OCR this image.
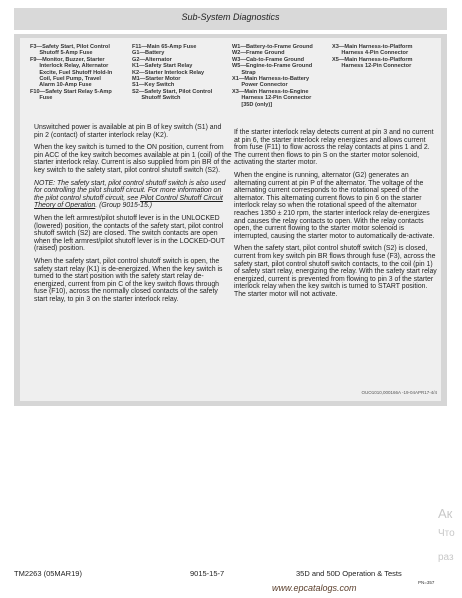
Sub-System Diagnostics
F3—Safety Start, Pilot Control
Shutoff 5-Amp Fuse
F9—Monitor, Buzzer, Starter
Interlock Relay, Alternator
Excite, Fuel Shutoff Hold-In
Coil, Fuel Pump, Travel
Alarm 10-Amp Fuse
F10—Safety Start Relay 5-Amp
Fuse
F11—Main 65-Amp Fuse
G1—Battery
G2—Alternator
K1—Safety Start Relay
K2—Starter Interlock Relay
M1—Starter Motor
S1—Key Switch
S2—Safety Start, Pilot Control
Shutoff Switch
W1—Battery-to-Frame Ground
W2—Frame Ground
W3—Cab-to-Frame Ground
W5—Engine-to-Frame Ground
Strap
X1—Main Harness-to-Battery
Power Connector
X3—Main Harness-to-Engine
Harness 12-Pin Connector
[35D (only)]
X3—Main Harness-to-Platform
Harness 4-Pin Connector
X5—Main Harness-to-Platform
Harness 12-Pin Connector

Unswitched power is available at pin B of key switch (S1) and pin 2 (contact) of starter interlock relay (K2).

When the key switch is turned to the ON position, current from pin ACC of the key switch becomes available at pin 1 (coil) of the starter interlock relay. Current is also supplied from pin BR of the key switch to the safety start, pilot control shutoff switch (S2).

NOTE: The safety start, pilot control shutoff switch is also used for controlling the pilot shutoff circuit. For more information on the pilot control shutoff circuit, see Pilot Control Shutoff Circuit Theory of Operation. (Group 9015-15.)

When the left armrest/pilot shutoff lever is in the UNLOCKED (lowered) position, the contacts of the safety start, pilot control shutoff switch (S2) are closed. The switch contacts are open when the left armrest/pilot shutoff lever is in the LOCKED-OUT (raised) position.

When the safety start, pilot control shutoff switch is open, the safety start relay (K1) is de-energized. When the key switch is turned to the start position with the safety start relay de-energized, current from pin C of the key switch flows through fuse (F10), across the normally closed contacts of the safety start relay, to pin 3 on the starter interlock relay.

If the starter interlock relay detects current at pin 3 and no current at pin 6, the starter interlock relay energizes and allows current from fuse (F11) to flow across the relay contacts at pins 1 and 2. The current then flows to pin S on the starter motor solenoid, activating the starter motor.

When the engine is running, alternator (G2) generates an alternating current at pin P of the alternator. The voltage of the alternating current corresponds to the rotational speed of the alternator. This alternating current flows to pin 6 on the starter interlock relay so when the rotational speed of the alternator reaches 1350 ± 210 rpm, the starter interlock relay de-energizes and causes the relay contacts to open. With the relay contacts open, the current flowing to the starter motor solenoid is interrupted, causing the starter motor to automatically de-activate.

When the safety start, pilot control shutoff switch (S2) is closed, current from key switch pin BR flows through fuse (F3), across the safety start, pilot control shutoff switch contacts, to the coil (pin 1) of safety start relay, energizing the relay. With the safety start relay energized, current is prevented from flowing to pin 3 of the starter interlock relay when the key switch is turned to START position. The starter motor will not activate.

OUO1010,000166A -19-04APR17-4/4
Ак
Что
раз
TM2263 (05MAR19)	9015-15-7	35D and 50D Operation & Tests
PN=357
www.epcatalogs.com
